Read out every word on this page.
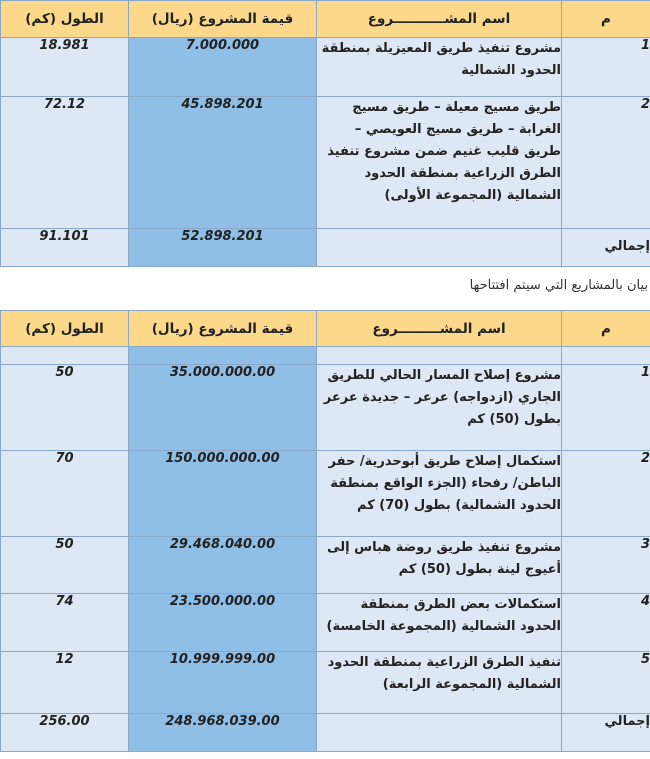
م	اسم المشـــــــــــروع	قيمة المشروع (ريال)	الطول (كم)
1	مشروع تنفيذ طريق المعيزيلة بمنطقة الحدود الشمالية	7.000.000	18.981
2	طريق مسيج معيلة – طريق مسيج الغرابة – طريق مسيج العويصي – طريق قليب غنيم ضمن مشروع تنفيذ الطرق الزراعية بمنطقة الحدود الشمالية (المجموعة الأولى)	45.898.201	72.12
إجمالي		52.898.201	91.101
بيان بالمشاريع التي سيتم افتتاحها
م	اسم المشـــــــــروع	قيمة المشروع (ريال)	الطول (كم)

1	مشروع إصلاح المسار الحالي للطريق الجاري (ازدواجه) عرعر – جديدة عرعر بطول (50) كم	35.000.000.00	50
2	استكمال إصلاح طريق أبوحدرية/ حفر الباطن/ رفحاء (الجزء الواقع بمنطقة الحدود الشمالية) بطول (70) كم	150.000.000.00	70
3	مشروع تنفيذ طريق روضة هباس إلى أعيوج لينة بطول (50) كم	29.468.040.00	50
4	استكمالات بعض الطرق بمنطقة الحدود الشمالية (المجموعة الخامسة)	23.500.000.00	74
5	تنفيذ الطرق الزراعية بمنطقة الحدود الشمالية (المجموعة الرابعة)	10.999.999.00	12
إجمالي		248.968.039.00	256.00
